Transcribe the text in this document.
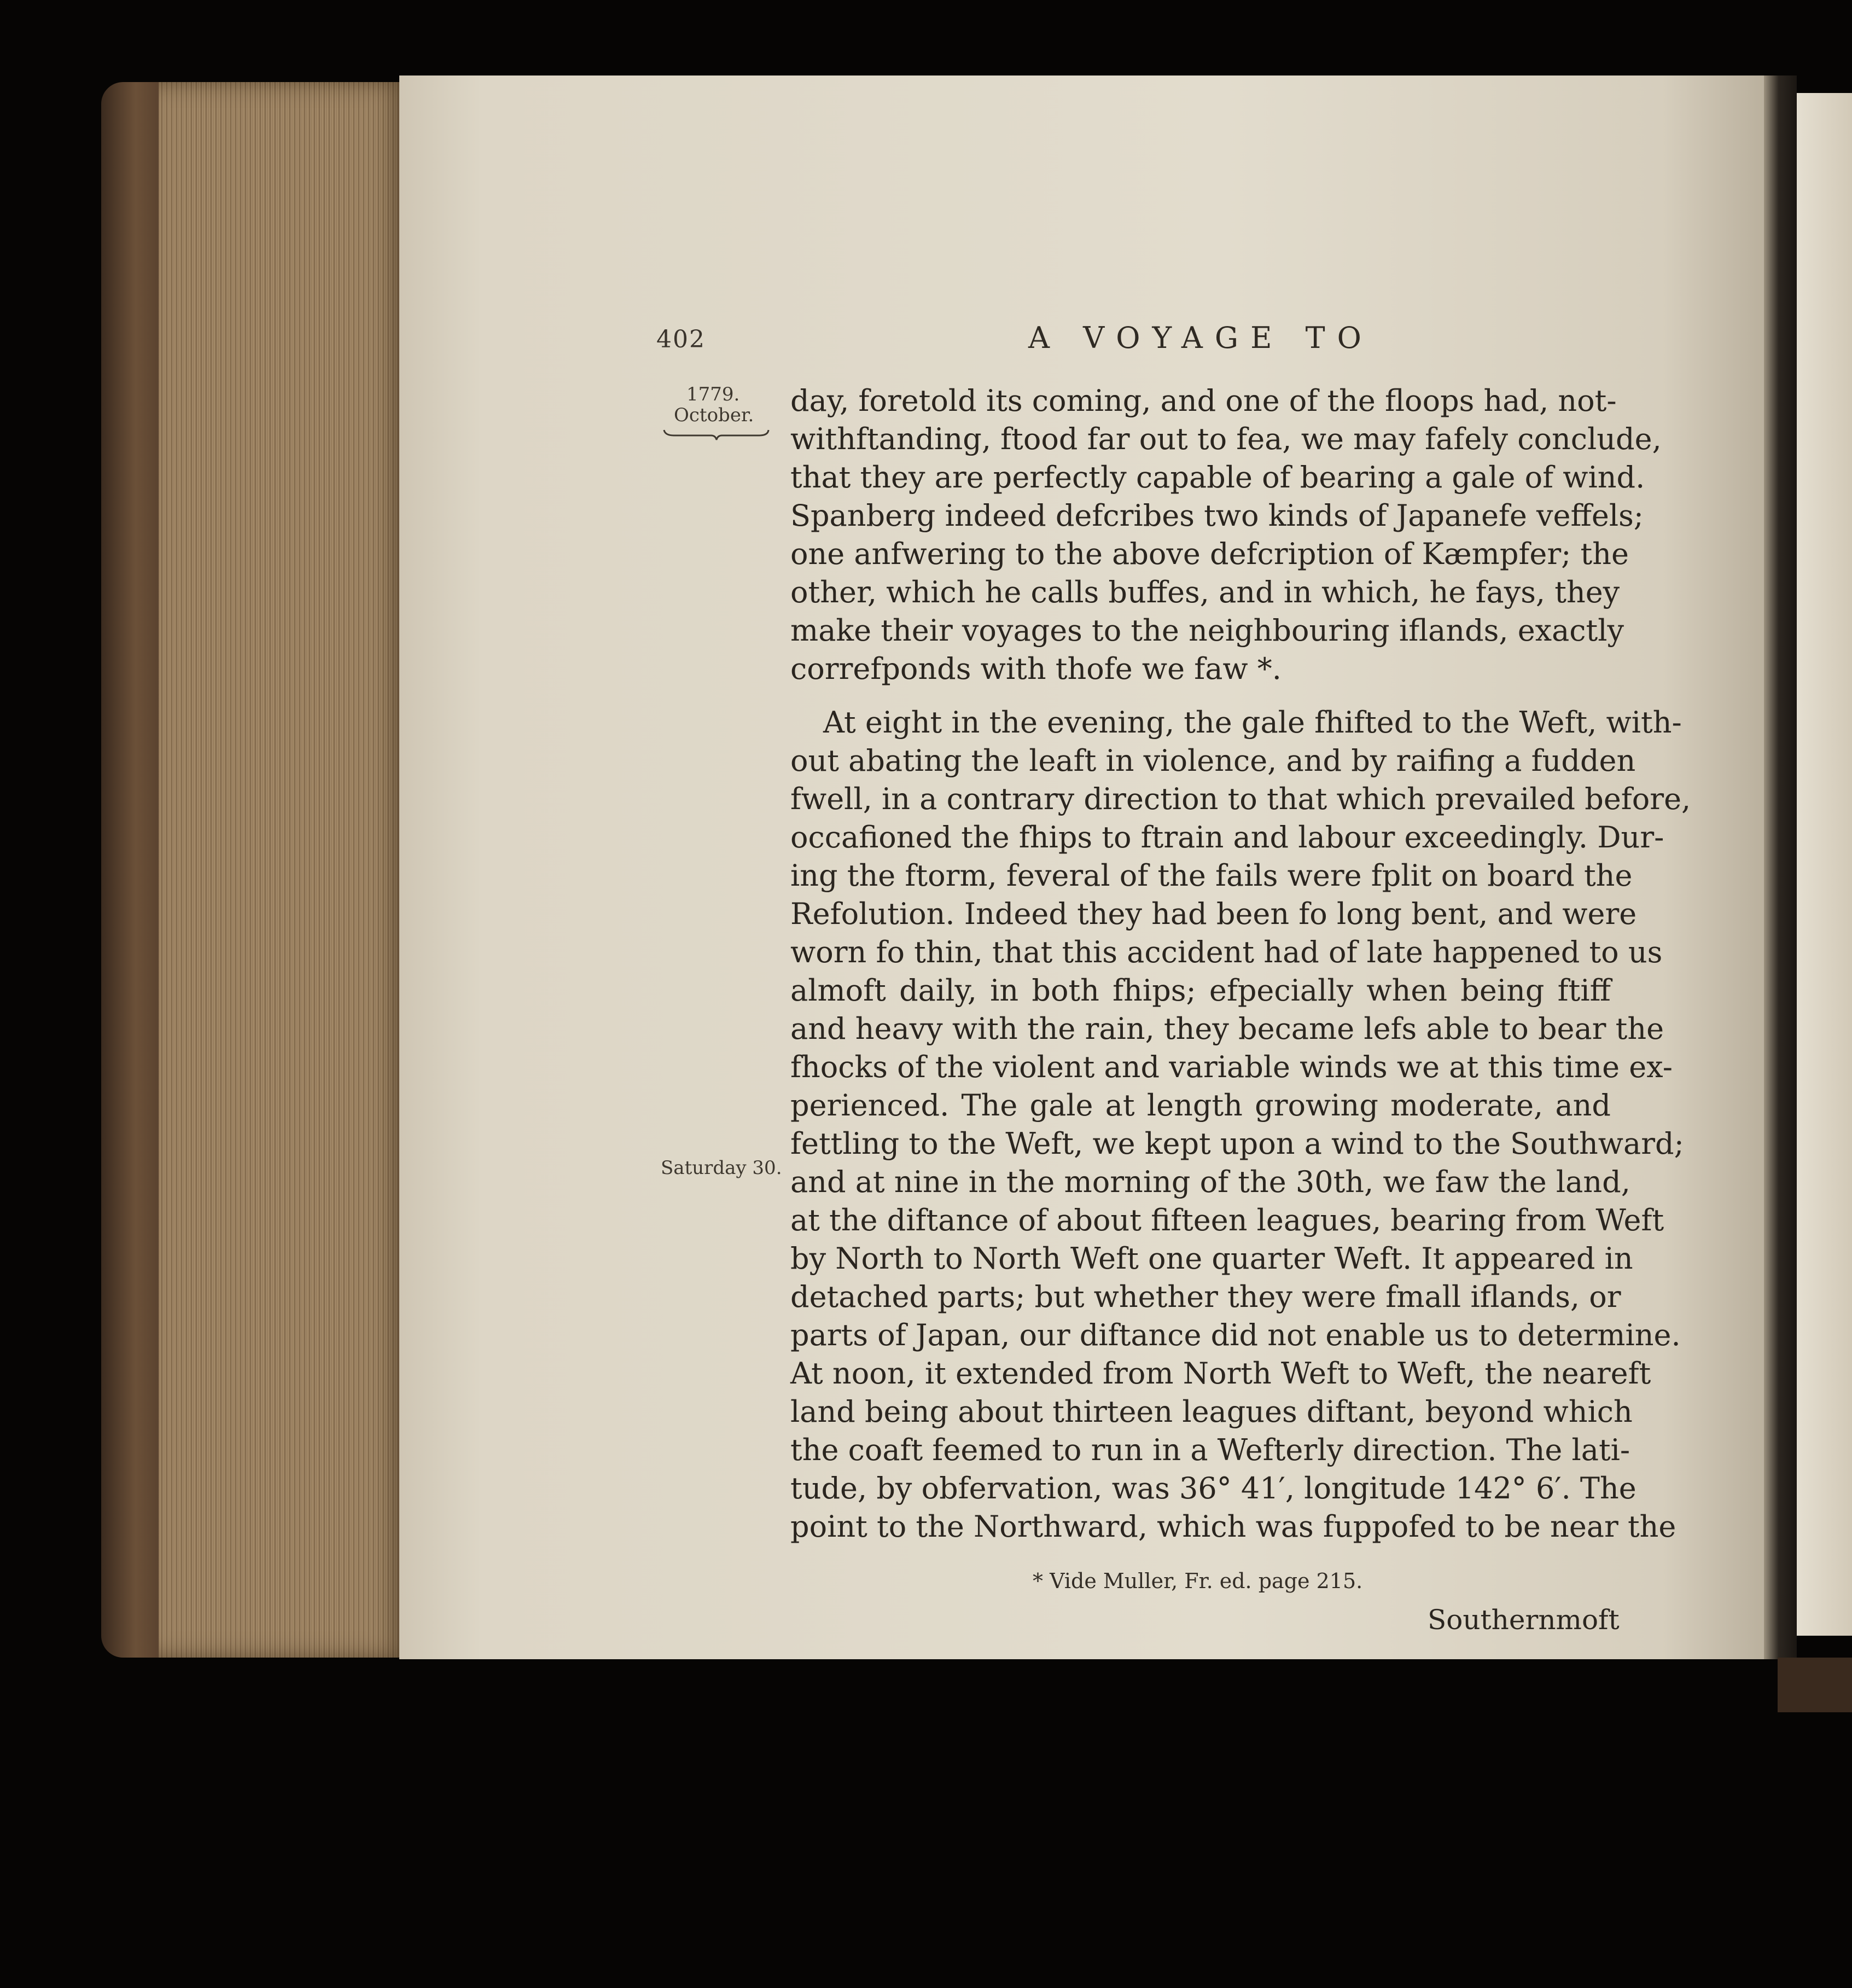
402	A VOYAGE TO
1779.
October.
Saturday 30.
day, foretold its coming, and one of the floops had, not-
withftanding, ftood far out to fea, we may fafely conclude,
that they are perfectly capable of bearing a gale of wind.
Spanberg indeed defcribes two kinds of Japanefe veffels;
one anfwering to the above defcription of Kæmpfer; the
other, which he calls buffes, and in which, he fays, they
make their voyages to the neighbouring iflands, exactly
correfponds with thofe we faw *.
At eight in the evening, the gale fhifted to the Weft, with-
out abating the leaft in violence, and by raifing a fudden
fwell, in a contrary direction to that which prevailed before,
occafioned the fhips to ftrain and labour exceedingly. Dur-
ing the ftorm, feveral of the fails were fplit on board the
Refolution. Indeed they had been fo long bent, and were
worn fo thin, that this accident had of late happened to us
almoft daily, in both fhips; efpecially when being ftiff
and heavy with the rain, they became lefs able to bear the
fhocks of the violent and variable winds we at this time ex-
perienced. The gale at length growing moderate, and
fettling to the Weft, we kept upon a wind to the Southward;
and at nine in the morning of the 30th, we faw the land,
at the diftance of about fifteen leagues, bearing from Weft
by North to North Weft one quarter Weft. It appeared in
detached parts; but whether they were fmall iflands, or
parts of Japan, our diftance did not enable us to determine.
At noon, it extended from North Weft to Weft, the neareft
land being about thirteen leagues diftant, beyond which
the coaft feemed to run in a Wefterly direction. The lati-
tude, by obfervation, was 36° 41′, longitude 142° 6′. The
point to the Northward, which was fuppofed to be near the
* Vide Muller, Fr. ed. page 215.
Southernmoft
